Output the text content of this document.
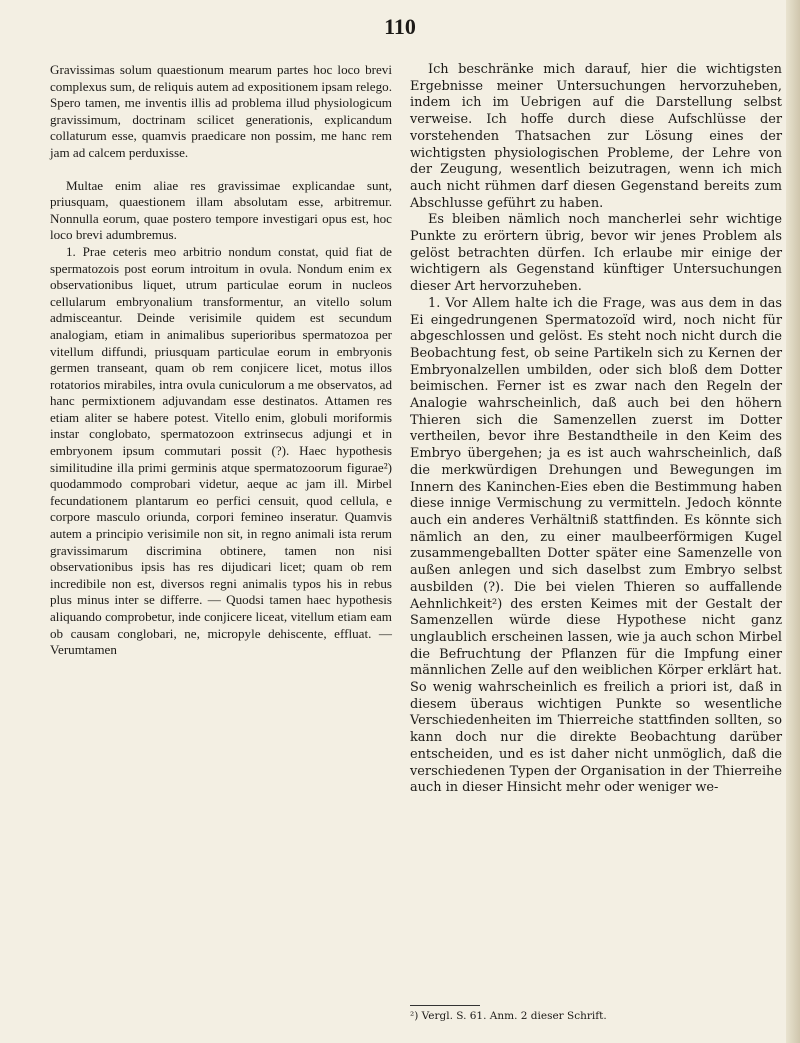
110

Gravissimas solum quaestionum mearum partes hoc loco brevi complexus sum, de reliquis autem ad expositionem ipsam relego. Spero tamen, me inventis illis ad problema illud physiologicum gravissimum, doctrinam scilicet generationis, explicandum collaturum esse, quamvis praedicare non possim, me hanc rem jam ad calcem perduxisse.

Multae enim aliae res gravissimae explicandae sunt, priusquam, quaestionem illam absolutam esse, arbitremur. Nonnulla eorum, quae postero tempore investigari opus est, hoc loco brevi adumbremus.

1. Prae ceteris meo arbitrio nondum constat, quid fiat de spermatozois post eorum introitum in ovula. Nondum enim ex observationibus liquet, utrum particulae eorum in nucleos cellularum embryonalium transformentur, an vitello solum admisceantur. Deinde verisimile quidem est secundum analogiam, etiam in animalibus superioribus spermatozoa per vitellum diffundi, priusquam particulae eorum in embryonis germen transeant, quam ob rem conjicere licet, motus illos rotatorios mirabiles, intra ovula cuniculorum a me observatos, ad hanc permixtionem adjuvandam esse destinatos. Attamen res etiam aliter se habere potest. Vitello enim, globuli moriformis instar conglobato, spermatozoon extrinsecus adjungi et in embryonem ipsum commutari possit (?). Haec hypothesis similitudine illa primi germinis atque spermatozoorum figurae²) quodammodo comprobari videtur, aeque ac jam ill. Mirbel fecundationem plantarum eo perfici censuit, quod cellula, e corpore masculo oriunda, corpori femineo inseratur. Quamvis autem a principio verisimile non sit, in regno animali ista rerum gravissimarum discrimina obtinere, tamen non nisi observationibus ipsis has res dijudicari licet; quam ob rem incredibile non est, diversos regni animalis typos his in rebus plus minus inter se differre. — Quodsi tamen haec hypothesis aliquando comprobetur, inde conjicere liceat, vitellum etiam eam ob causam conglobari, ne, micropyle dehiscente, effluat. — Verumtamen

Ich beschränke mich darauf, hier die wichtigsten Ergebnisse meiner Untersuchungen hervorzuheben, indem ich im Uebrigen auf die Darstellung selbst verweise. Ich hoffe durch diese Aufschlüsse der vorstehenden Thatsachen zur Lösung eines der wichtigsten physiologischen Probleme, der Lehre von der Zeugung, wesentlich beizutragen, wenn ich mich auch nicht rühmen darf diesen Gegenstand bereits zum Abschlusse geführt zu haben.

Es bleiben nämlich noch mancherlei sehr wichtige Punkte zu erörtern übrig, bevor wir jenes Problem als gelöst betrachten dürfen. Ich erlaube mir einige der wichtigern als Gegenstand künftiger Untersuchungen dieser Art hervorzuheben.

1. Vor Allem halte ich die Frage, was aus dem in das Ei eingedrungenen Spermatozoïd wird, noch nicht für abgeschlossen und gelöst. Es steht noch nicht durch die Beobachtung fest, ob seine Partikeln sich zu Kernen der Embryonalzellen umbilden, oder sich bloß dem Dotter beimischen. Ferner ist es zwar nach den Regeln der Analogie wahrscheinlich, daß auch bei den höhern Thieren sich die Samenzellen zuerst im Dotter vertheilen, bevor ihre Bestandtheile in den Keim des Embryo übergehen; ja es ist auch wahrscheinlich, daß die merkwürdigen Drehungen und Bewegungen im Innern des Kaninchen-Eies eben die Bestimmung haben diese innige Vermischung zu vermitteln. Jedoch könnte auch ein anderes Verhältniß stattfinden. Es könnte sich nämlich an den, zu einer maulbeerförmigen Kugel zusammengeballten Dotter später eine Samenzelle von außen anlegen und sich daselbst zum Embryo selbst ausbilden (?). Die bei vielen Thieren so auffallende Aehnlichkeit²) des ersten Keimes mit der Gestalt der Samenzellen würde diese Hypothese nicht ganz unglaublich erscheinen lassen, wie ja auch schon Mirbel die Befruchtung der Pflanzen für die Impfung einer männlichen Zelle auf den weiblichen Körper erklärt hat. So wenig wahrscheinlich es freilich a priori ist, daß in diesem überaus wichtigen Punkte so wesentliche Verschiedenheiten im Thierreiche stattfinden sollten, so kann doch nur die direkte Beobachtung darüber entscheiden, und es ist daher nicht unmöglich, daß die verschiedenen Typen der Organisation in der Thierreihe auch in dieser Hinsicht mehr oder weniger we-

²) Vergl. S. 61. Anm. 2 dieser Schrift.
